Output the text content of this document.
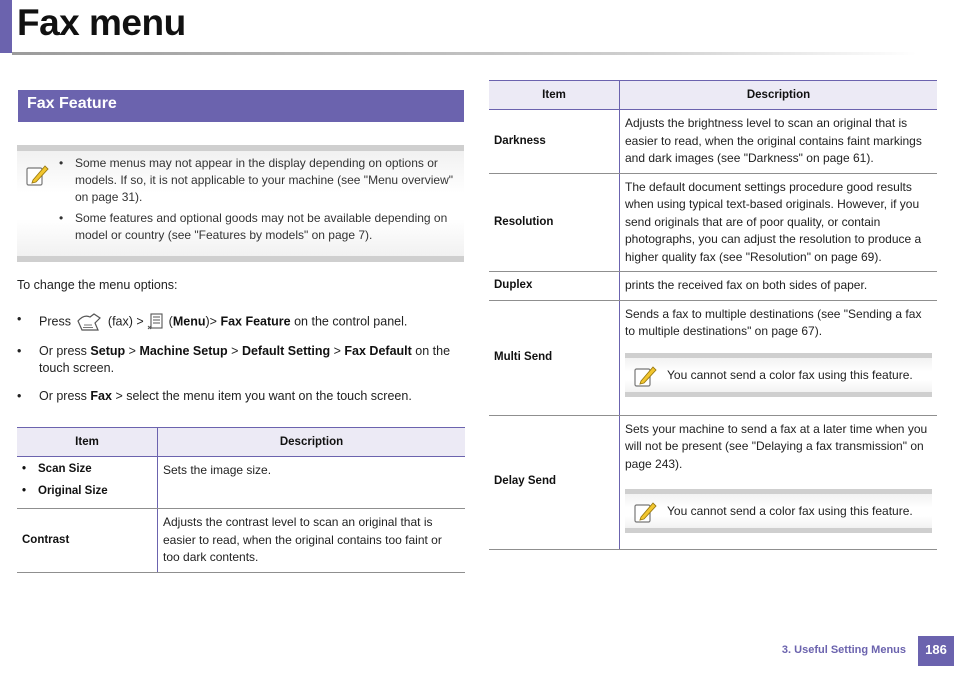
Fax menu
Fax Feature
• Some menus may not appear in the display depending on options or models. If so, it is not applicable to your machine (see "Menu overview" on page 31).
• Some features and optional goods may not be available depending on model or country (see "Features by models" on page 7).
To change the menu options:
• Press	(fax) > (Menu)> Fax Feature on the control panel.
• Or press Setup > Machine Setup > Default Setting > Fax Default on the touch screen.
• Or press Fax > select the menu item you want on the touch screen.
Item	Description

• Scan Size
• Original Size	Sets the image size.
Contrast	Adjusts the contrast level to scan an original that is easier to read, when the original contains too faint or too dark contents.
Item	Description
Darkness	Adjusts the brightness level to scan an original that is easier to read, when the original contains faint markings and dark images (see "Darkness" on page 61).
Resolution	The default document settings procedure good results when using typical text-based originals. However, if you send originals that are of poor quality, or contain photographs, you can adjust the resolution to produce a higher quality fax (see "Resolution" on page 69).
Duplex	prints the received fax on both sides of paper.
Multi Send	Sends a fax to multiple destinations (see "Sending a fax to multiple destinations" on page 67).
You cannot send a color fax using this feature.

Delay Send	Sets your machine to send a fax at a later time when you will not be present (see "Delaying a fax transmission" on page 243).
You cannot send a color fax using this feature.
3. Useful Setting Menus	186
